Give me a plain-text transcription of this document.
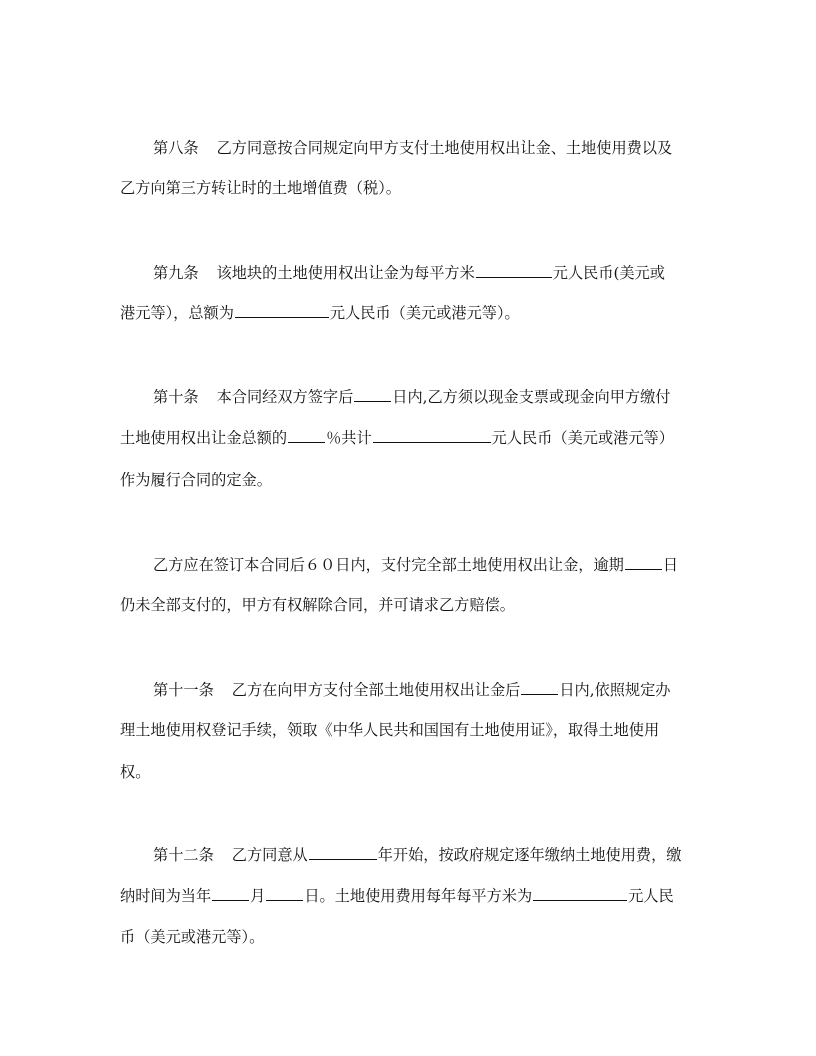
第八条 乙方同意按合同规定向甲方支付土地使用权出让金、土地使用费以及
乙方向第三方转让时的土地增值费（税）。
第九条 该地块的土地使用权出让金为每平方米	元人民币(美元或
港元等），总额为	元人民币（美元或港元等）。
第十条 本合同经双方签字后	日内,乙方须以现金支票或现金向甲方缴付
土地使用权出让金总额的	％共计	元人民币（美元或港元等）
作为履行合同的定金。
乙方应在签订本合同后６０日内，支付完全部土地使用权出让金，逾期	日
仍未全部支付的，甲方有权解除合同，并可请求乙方赔偿。
第十一条 乙方在向甲方支付全部土地使用权出让金后	日内,依照规定办
理土地使用权登记手续，领取《中华人民共和国国有土地使用证》，取得土地使用
权。
第十二条 乙方同意从	年开始，按政府规定逐年缴纳土地使用费，缴
纳时间为当年	月	日。土地使用费用每年每平方米为	元人民
币（美元或港元等）。
